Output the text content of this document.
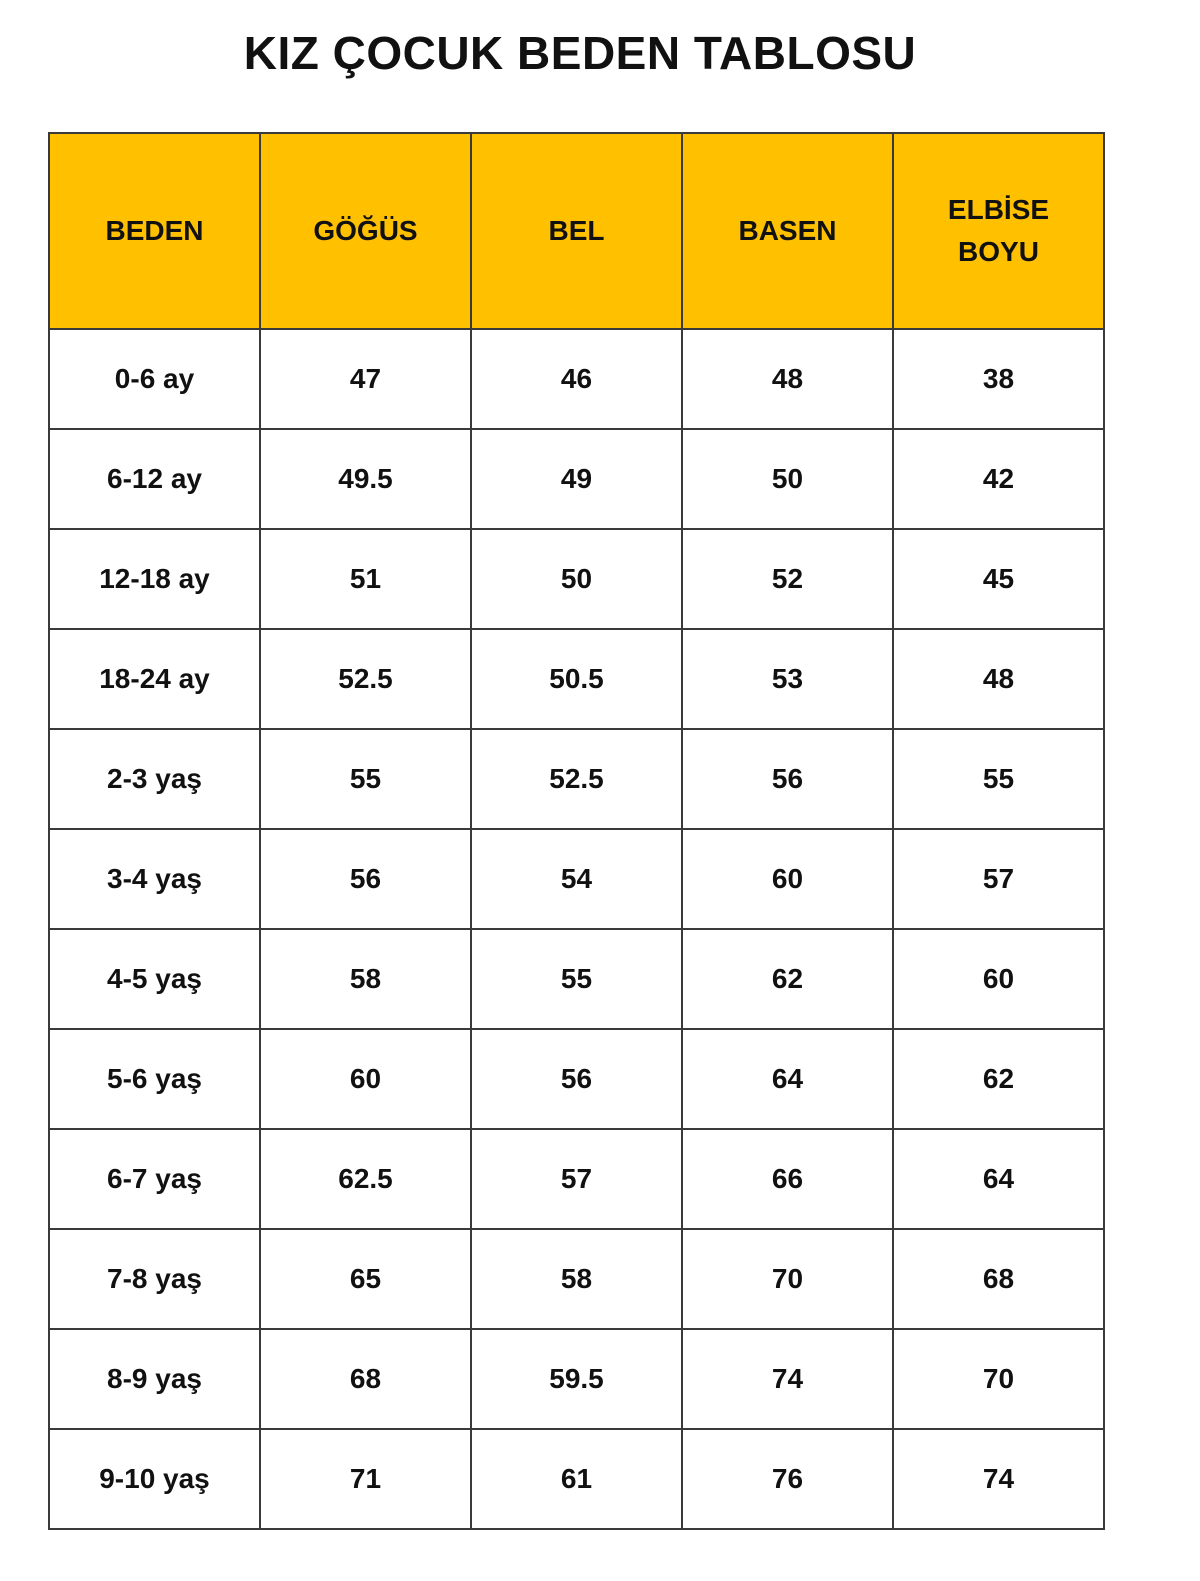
KIZ ÇOCUK BEDEN TABLOSU
BEDEN	GÖĞÜS	BEL	BASEN	ELBİSE
BOYU

0-6 ay	47	46	48	38
6-12 ay	49.5	49	50	42
12-18 ay	51	50	52	45
18-24 ay	52.5	50.5	53	48
2-3 yaş	55	52.5	56	55
3-4 yaş	56	54	60	57
4-5 yaş	58	55	62	60
5-6 yaş	60	56	64	62
6-7 yaş	62.5	57	66	64
7-8 yaş	65	58	70	68
8-9 yaş	68	59.5	74	70
9-10 yaş	71	61	76	74
